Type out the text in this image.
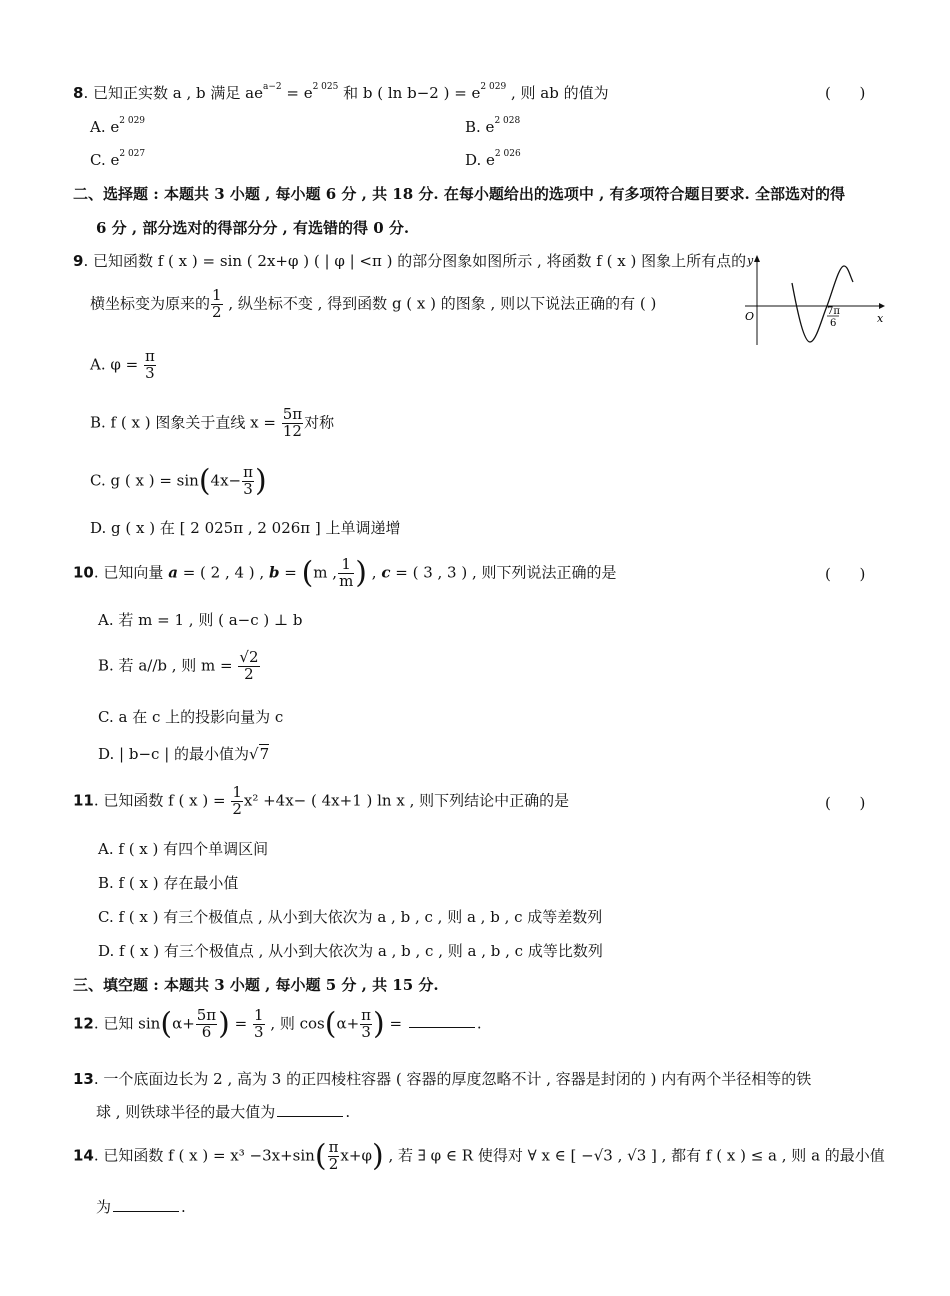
8. 已知正实数 a , b 满足 $ae^{a-2} = e^{2 025}$ 和 b ( ln b−2 ) = $e^{2 029}$ , 则 ab 的值为	(      )
A. $e^{2 029}$	B. $e^{2 028}$
C. $e^{2 027}$	D. $e^{2 026}$
二、选择题 : 本题共 3 小题 , 每小题 6 分 , 共 18 分. 在每小题给出的选项中 , 有多项符合题目要求. 全部选对的得
6 分 , 部分选对的得部分分 , 有选错的得 0 分.
9. 已知函数 f ( x ) = sin ( 2x+φ ) ( | φ | <π ) 的部分图象如图所示 , 将函数 f ( x ) 图象上所有点的
横坐标变为原来的 $\frac{1}{2}$ , 纵坐标不变 , 得到函数 g ( x ) 的图象 , 则以下说法正确的有 ( )
y
x
O	7π
6
A. $\varphi = \frac{\pi}{3}$
B. f ( x ) 图象关于直线 $x = \frac{5\pi}{12}$ 对称
C. g ( x ) = $\sin(4x- \frac{\pi}{3}$ )
D. g ( x ) 在 [ 2 025π , 2 026π ] 上单调递增
10. 已知向量 a = ( 2 , 4 ) , b = (m , $\frac{1}{m}$ ) , c = ( 3 , 3 ) , 则下列说法正确的是	(      )
A. 若 m = 1 , 则 ( a−c ) ⊥ b
B. 若 a//b , 则 $m = \frac{√2}{2}$
C. a 在 c 上的投影向量为 c
D. | b−c | 的最小值为√7
11. 已知函数 f ( x ) = $\frac{1}{2} x^2 +4x-$ ( 4x+1 ) ln x , 则下列结论中正确的是	(      )
A. f ( x ) 有四个单调区间
B. f ( x ) 存在最小值
C. f ( x ) 有三个极值点 , 从小到大依次为 a , b , c , 则 a , b , c 成等差数列
D. f ( x ) 有三个极值点 , 从小到大依次为 a , b , c , 则 a , b , c 成等比数列
三、填空题 : 本题共 3 小题 , 每小题 5 分 , 共 15 分.
12. 已知 $\sin(\alpha+ \frac{5\pi}{6}$ ) = $\frac{1}{3}$ , 则 $\cos(\alpha+ \frac{\pi}{3}$ ) =	.
13. 一个底面边长为 2 , 高为 3 的正四棱柱容器 ( 容器的厚度忽略不计 , 容器是封闭的 ) 内有两个半径相等的铁
球 , 则铁球半径的最大值为	.
14. 已知函数 f ( x ) = $x^3 -3x+\sin( \frac{\pi}{2} x+\varphi)$ , 若 ∃ φ ∈ R 使得对 ∀ x ∈ [ −√3 , √3 ] , 都有 f ( x ) ≤ a , 则 a 的最小值
为	.
